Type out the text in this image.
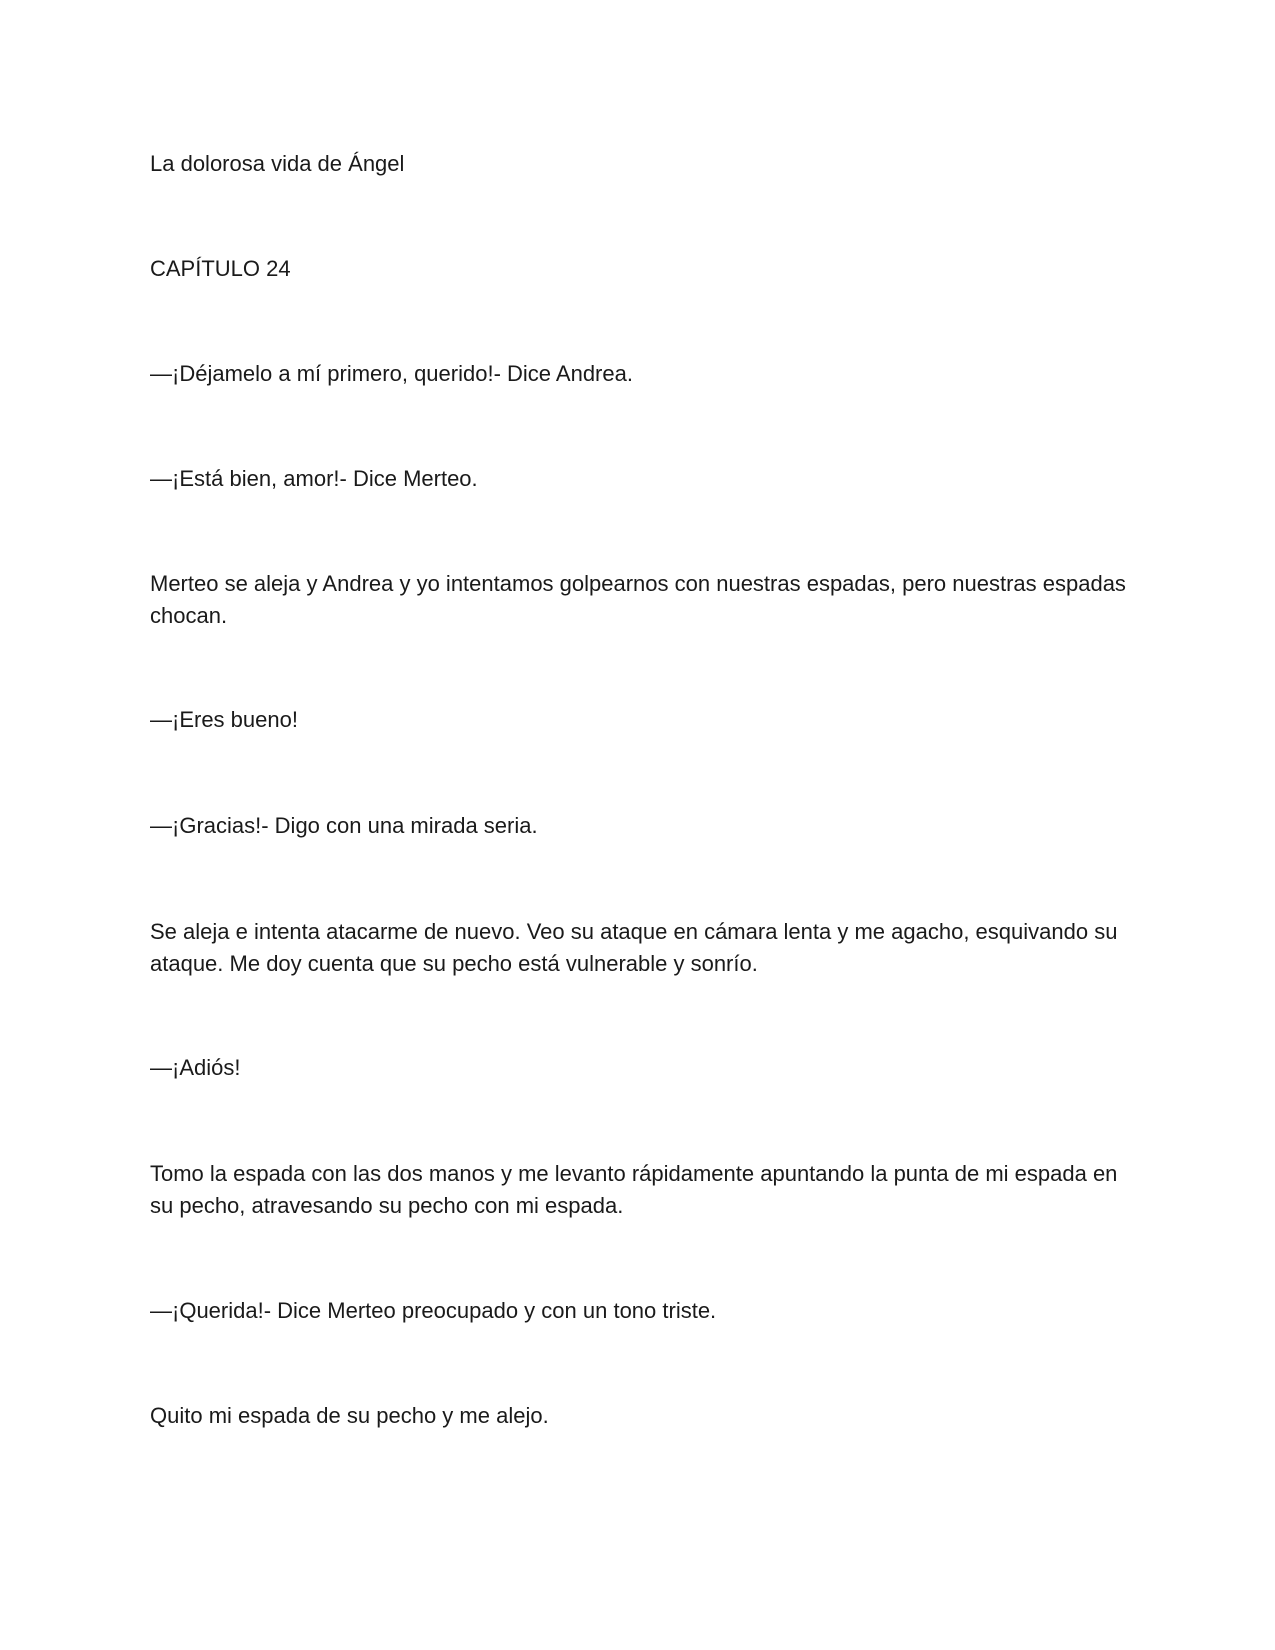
La dolorosa vida de Ángel

CAPÍTULO 24

—¡Déjamelo a mí primero, querido!- Dice Andrea.

—¡Está bien, amor!- Dice Merteo.

Merteo se aleja y Andrea y yo intentamos golpearnos con nuestras espadas, pero nuestras espadas chocan.

—¡Eres bueno!

—¡Gracias!- Digo con una mirada seria.

Se aleja e intenta atacarme de nuevo. Veo su ataque en cámara lenta y me agacho, esquivando su ataque. Me doy cuenta que su pecho está vulnerable y sonrío.

—¡Adiós!

Tomo la espada con las dos manos y me levanto rápidamente apuntando la punta de mi espada en su pecho, atravesando su pecho con mi espada.

—¡Querida!- Dice Merteo preocupado y con un tono triste.

Quito mi espada de su pecho y me alejo.
